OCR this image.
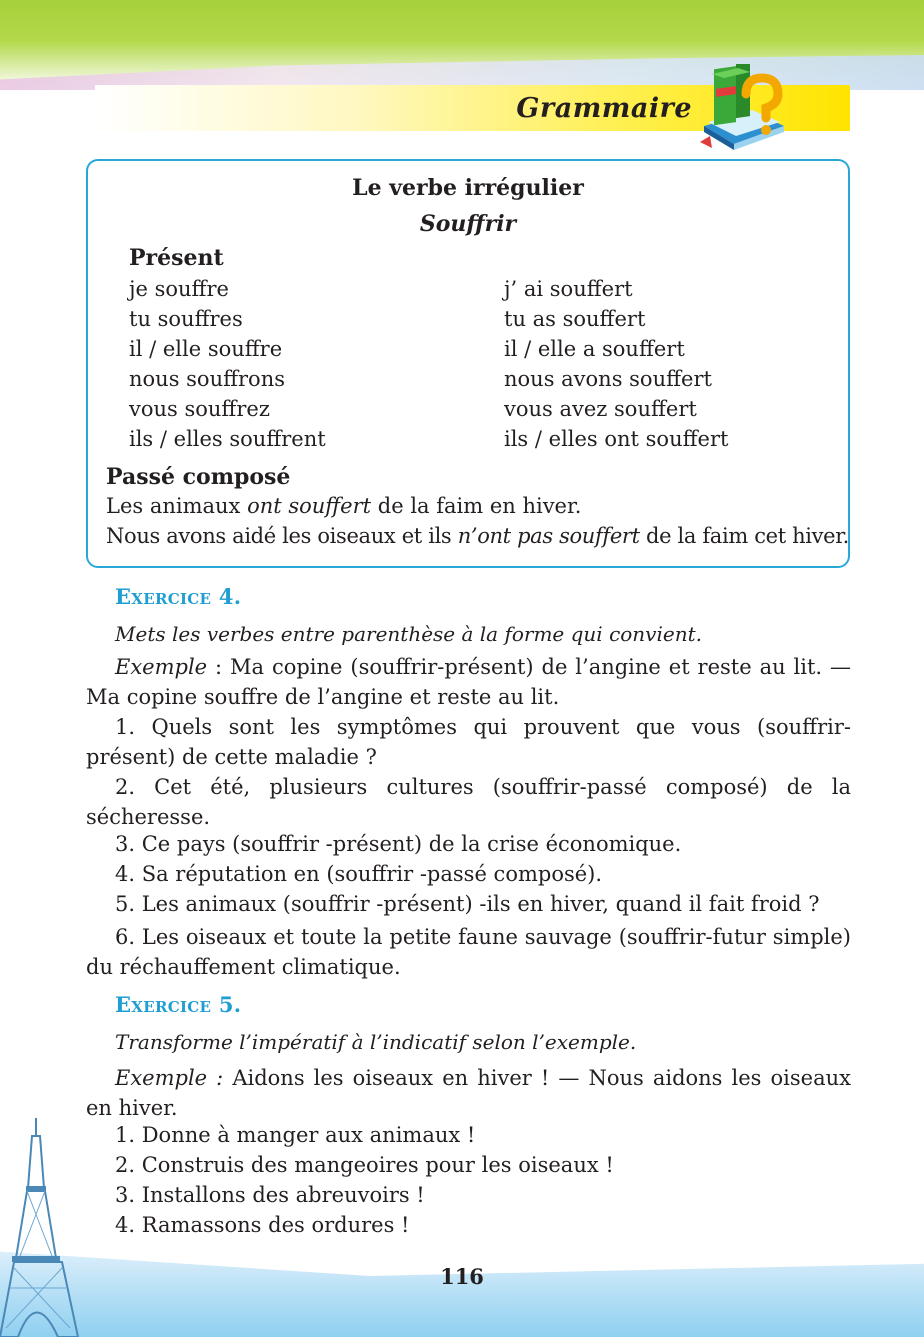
Grammaire
Le verbe irrégulier
Souffrir
Présent
je souffre
tu souffres
il / elle souffre
nous souffrons
vous souffrez
ils / elles souffrent
j’ ai souffert
tu as souffert
il / elle a souffert
nous avons souffert
vous avez souffert
ils / elles ont souffert
Passé composé
Les animaux ont souffert de la faim en hiver.
Nous avons aidé les oiseaux et ils n’ont pas souffert de la faim cet hiver.
Exercice 4.
Mets les verbes entre parenthèse à la forme qui convient.
Exemple : Ma copine (souffrir-présent) de l’angine et reste au lit. — Ma copine souffre de l’angine et reste au lit.
1. Quels sont les symptômes qui prouvent que vous (souffrir-présent) de cette maladie ?
2. Cet été, plusieurs cultures (souffrir-passé composé) de la sécheresse.
3. Ce pays (souffrir -présent) de la crise économique.
4. Sa réputation en (souffrir -passé composé).
5. Les animaux (souffrir -présent) -ils en hiver, quand il fait froid ?
6. Les oiseaux et toute la petite faune sauvage (souffrir-futur simple) du réchauffement climatique.
Exercice 5.
Transforme l’impératif à l’indicatif selon l’exemple.
Exemple : Aidons les oiseaux en hiver ! — Nous aidons les oiseaux en hiver.
1. Donne à manger aux animaux !
2. Construis des mangeoires pour les oiseaux !
3. Installons des abreuvoirs !
4. Ramassons des ordures !
116
